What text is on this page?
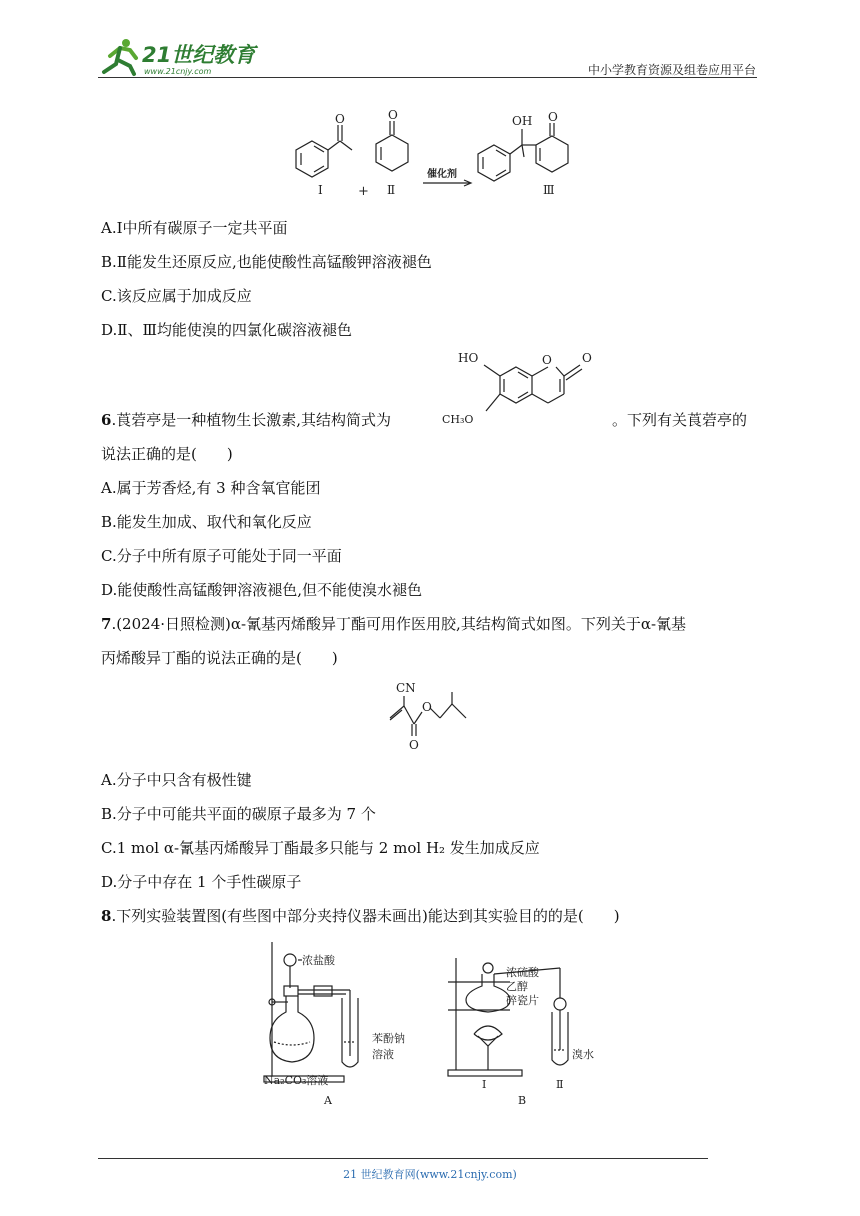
21世纪教育
www.21cnjy.com	中小学教育资源及组卷应用平台
O
Ⅰ	+
O
Ⅱ
催化剂
OH O
Ⅲ
A.Ⅰ中所有碳原子一定共平面
B.Ⅱ能发生还原反应,也能使酸性高锰酸钾溶液褪色
C.该反应属于加成反应
D.Ⅱ、Ⅲ均能使溴的四氯化碳溶液褪色
6.莨菪亭是一种植物生长激素,其结构简式为
HO
CH₃O
O	O
。下列有关莨菪亭的
说法正确的是(　　)
A.属于芳香烃,有 3 种含氧官能团
B.能发生加成、取代和氧化反应
C.分子中所有原子可能处于同一平面
D.能使酸性高锰酸钾溶液褪色,但不能使溴水褪色
7.(2024·日照检测)α-氰基丙烯酸异丁酯可用作医用胶,其结构简式如图。下列关于α-氰基
丙烯酸异丁酯的说法正确的是(　　)
CN
O
O
A.分子中只含有极性键
B.分子中可能共平面的碳原子最多为 7 个
C.1 mol α-氰基丙烯酸异丁酯最多只能与 2 mol H₂ 发生加成反应
D.分子中存在 1 个手性碳原子
8.下列实验装置图(有些图中部分夹持仪器未画出)能达到其实验目的的是(　　)
浓盐酸
苯酚钠
溶液
Na₂CO₃溶液
A
浓硫酸
乙醇
碎瓷片
溴水
Ⅰ	Ⅱ
B
21 世纪教育网(www.21cnjy.com)
